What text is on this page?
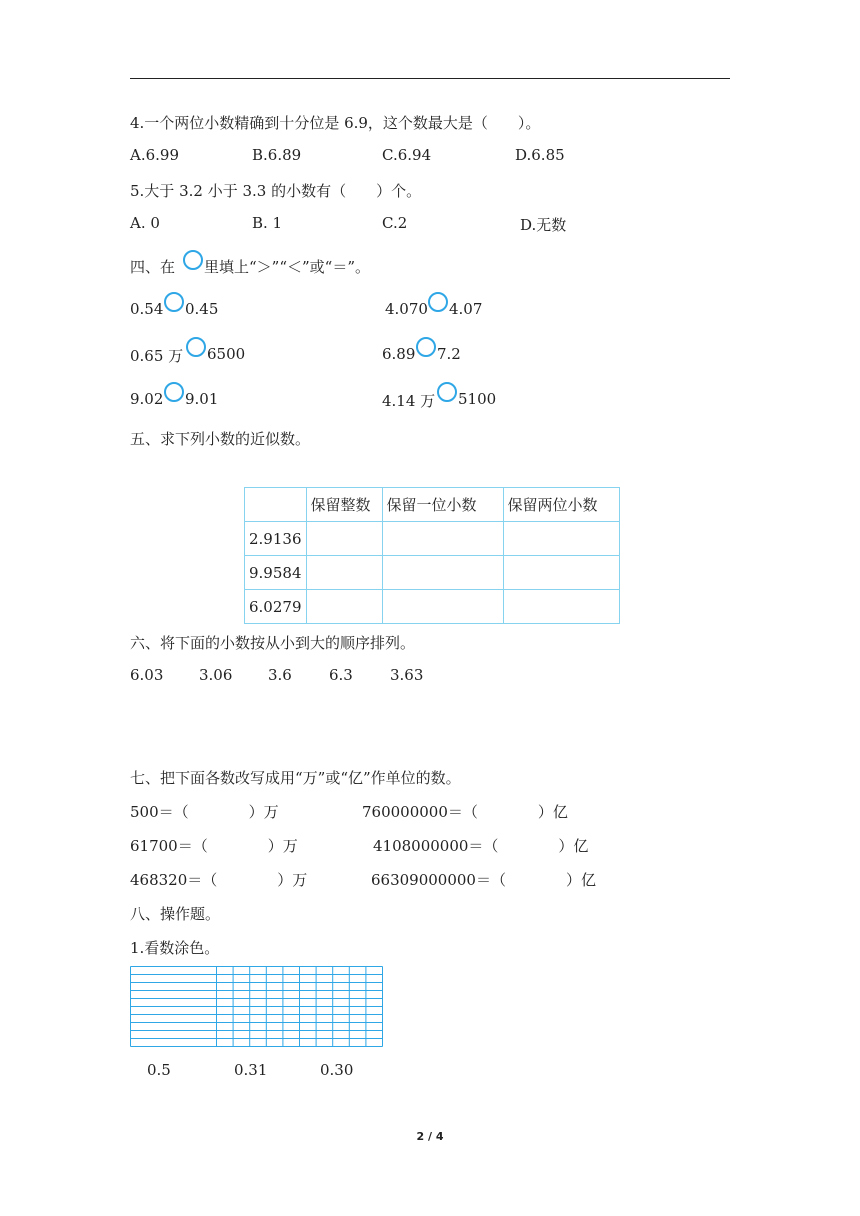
4.一个两位小数精确到十分位是 6.9，这个数最大是（　　）。
A.6.99	B.6.89	C.6.94	D.6.85
5.大于 3.2 小于 3.3 的小数有（　　）个。
A. 0	B. 1	C.2	D.无数
四、在 里填上“＞”“＜”或“＝”。
0.54 0.45	4.070 4.07
0.65 万 6500	6.89 7.2
9.02 9.01	4.14 万 5100
五、求下列小数的近似数。
	保留整数	保留一位小数	保留两位小数
2.9136			
9.9584			
6.0279			
六、将下面的小数按从小到大的顺序排列。
6.03 3.06 3.6 6.3 3.63
七、把下面各数改写成用“万”或“亿”作单位的数。
500＝（　　　　）万	760000000＝（　　　　）亿
61700＝（　　　　）万	4108000000＝（　　　　）亿
468320＝（　　　　）万	66309000000＝（　　　　）亿
八、操作题。
1.看数涂色。
0.5	0.31	0.30
2 / 4
